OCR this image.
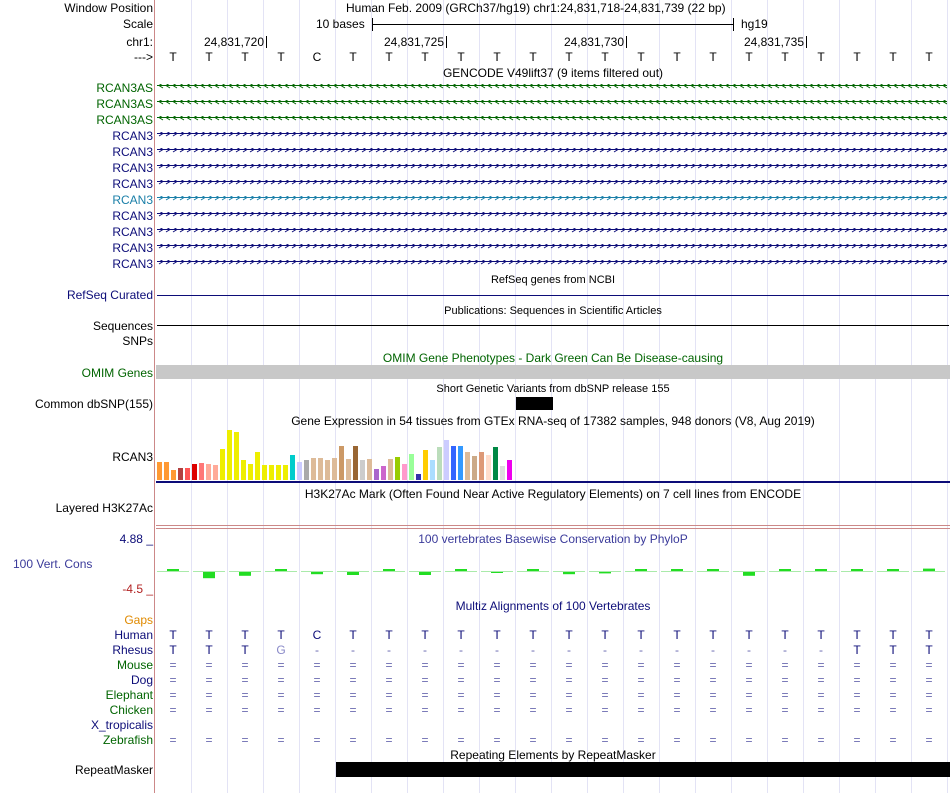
Window Position	Human Feb. 2009 (GRCh37/hg19) chr1:24,831,718-24,831,739 (22 bp)
Scale	10 bases	hg19
chr1:	24,831,720	24,831,725	24,831,730	24,831,735
---> T T T T C T T T T T T T T T T T T T T T T T
GENCODE V49lift37 (9 items filtered out)
RCAN3AS
RCAN3AS
RCAN3AS
RCAN3
RCAN3
RCAN3
RCAN3
RCAN3
RCAN3
RCAN3
RCAN3
RCAN3
RefSeq genes from NCBI
RefSeq Curated
Publications: Sequences in Scientific Articles
Sequences
SNPs
OMIM Gene Phenotypes - Dark Green Can Be Disease-causing
OMIM Genes
Short Genetic Variants from dbSNP release 155
Common dbSNP(155)
Gene Expression in 54 tissues from GTEx RNA-seq of 17382 samples, 948 donors (V8, Aug 2019)
RCAN3
H3K27Ac Mark (Often Found Near Active Regulatory Elements) on 7 cell lines from ENCODE
Layered H3K27Ac
4.88 _	100 vertebrates Basewise Conservation by PhyloP
100 Vert. Cons
-4.5 _
Multiz Alignments of 100 Vertebrates
Gaps
Human T T T T C T T T T T T T T T T T T T T T T T
Rhesus T T T G	-	-	-	-	-	-	-	-	-	-	-	-	-	-	-	T T T
Mouse = = = = = = = = = = = = = = = = = = = = = =
Dog = = = = = = = = = = = = = = = = = = = = = =
Elephant = = = = = = = = = = = = = = = = = = = = = =
Chicken = = = = = = = = = = = = = = = = = = = = = =
X_tropicalis
Zebrafish = = = = = = = = = = = = = = = = = = = = = =
Repeating Elements by RepeatMasker
RepeatMasker
